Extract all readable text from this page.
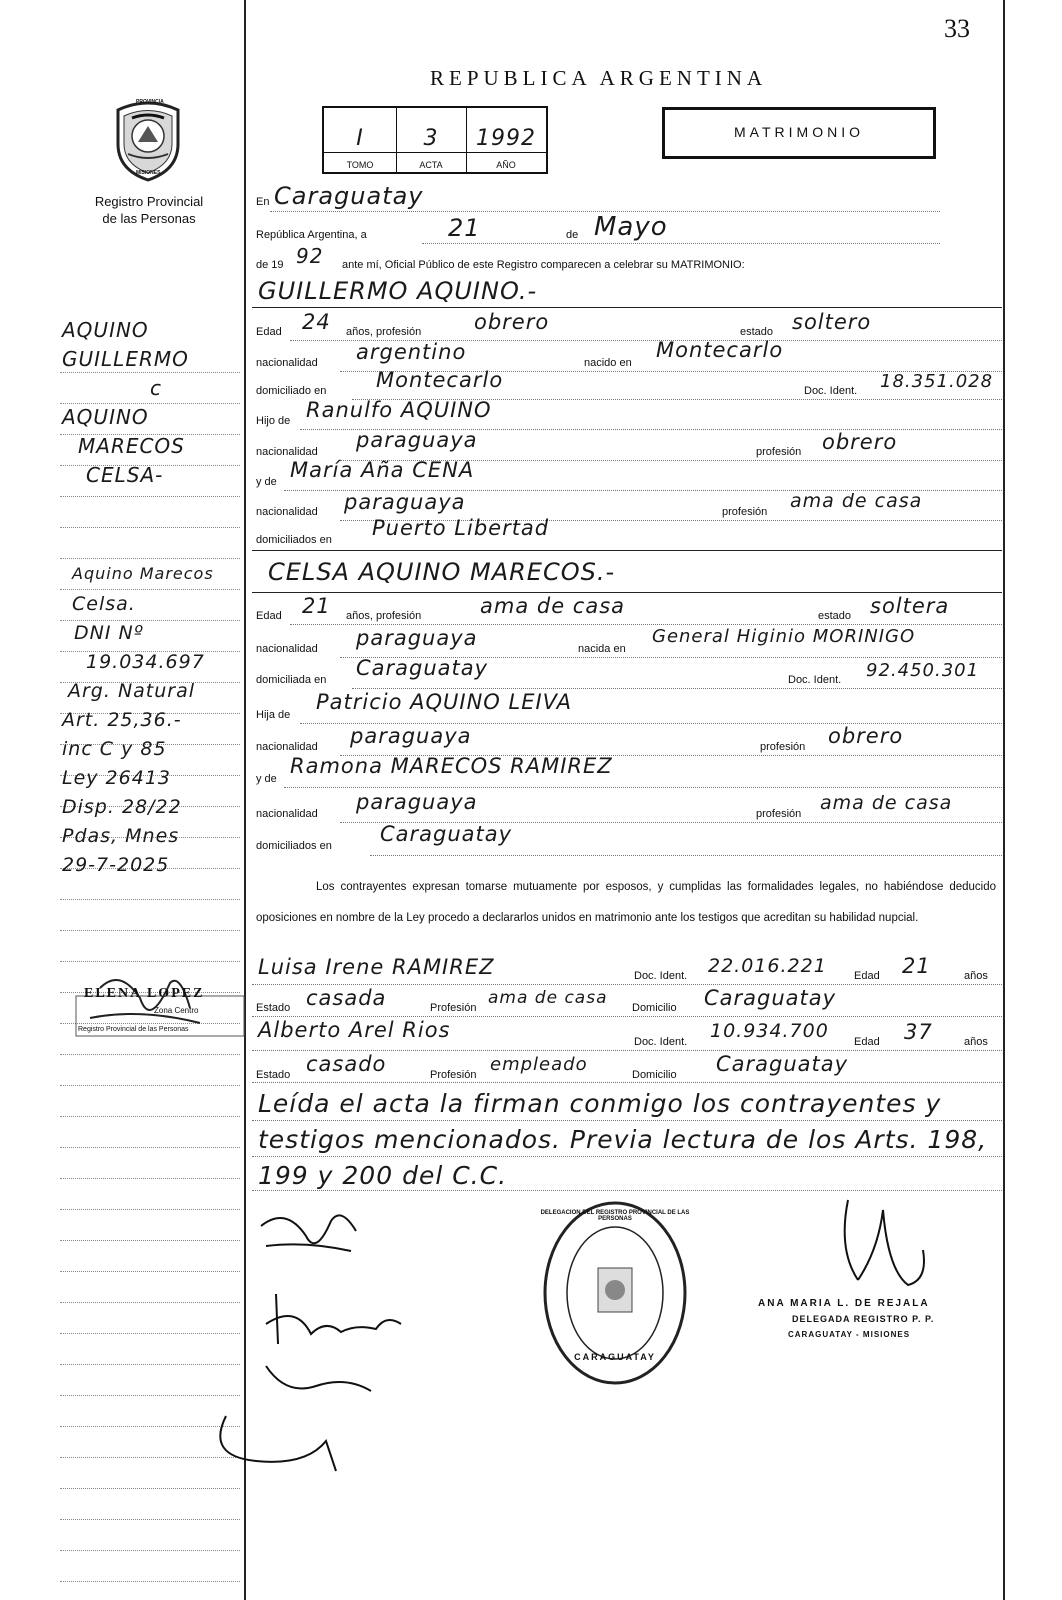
33
REPUBLICA ARGENTINA
PROVINCIA
MISIONES
Registro Provincial
de las Personas
I
TOMO
3
ACTA
1992
AÑO
MATRIMONIO
En Caraguatay
República Argentina, a	21	de Mayo
de 19 92 ante mí, Oficial Público de este Registro comparecen a celebrar su MATRIMONIO:
GUILLERMO AQUINO.-
Edad 24 años, profesión	obrero	estado soltero
nacionalidad argentino	nacido en
Montecarlo
domiciliado en Montecarlo	Doc. Ident. 18.351.028
Hijo de Ranulfo AQUINO
nacionalidad paraguaya	profesión obrero
y de María Aña CENA
nacionalidad paraguaya	profesión ama de casa
domiciliados en Puerto Libertad
CELSA AQUINO MARECOS.-
Edad 21 años, profesión	ama de casa	estado soltera
nacionalidad paraguaya	nacida en
General Higinio MORINIGO
domiciliada en Caraguatay	Doc. Ident. 92.450.301
Hija de
Patricio AQUINO LEIVA
nacionalidad paraguaya	profesión obrero
y de
Ramona MARECOS RAMIREZ
nacionalidad paraguaya	profesión ama de casa
domiciliados en Caraguatay
Los contrayentes expresan tomarse mutuamente por esposos, y cumplidas las formalidades legales, no habiéndose deducido oposiciones en nombre de la Ley procedo a declararlos unidos en matrimonio ante los testigos que acreditan su habilidad nupcial.
Luisa Irene RAMIREZ	Doc. Ident. 22.016.221 Edad 21	años
Estado casada	Profesión ama de casa Domicilio Caraguatay
Alberto Arel Rios	Doc. Ident. 10.934.700 Edad 37	años
Estado casado	Profesión empleado	Domicilio Caraguatay
Leída el acta la firman conmigo los contrayentes y testigos mencionados. Previa lectura de los Arts. 198, 199 y 200 del C.C.
DELEGACION DEL REGISTRO PROVINCIAL DE LAS PERSONAS
CARAGUATAY
ANA MARIA L. DE REJALA
DELEGADA REGISTRO P. P.
CARAGUATAY - MISIONES
AQUINO
GUILLERMO
c
AQUINO
MARECOS
CELSA-
Aquino Marecos
Celsa.
DNI Nº
19.034.697
Arg. Natural
Art. 25,36.-
inc C y 85
Ley 26413
Disp. 28/22
Pdas, Mnes
29-7-2025
ELENA LOPEZ
Zona Centro
Registro Provincial de las Personas
